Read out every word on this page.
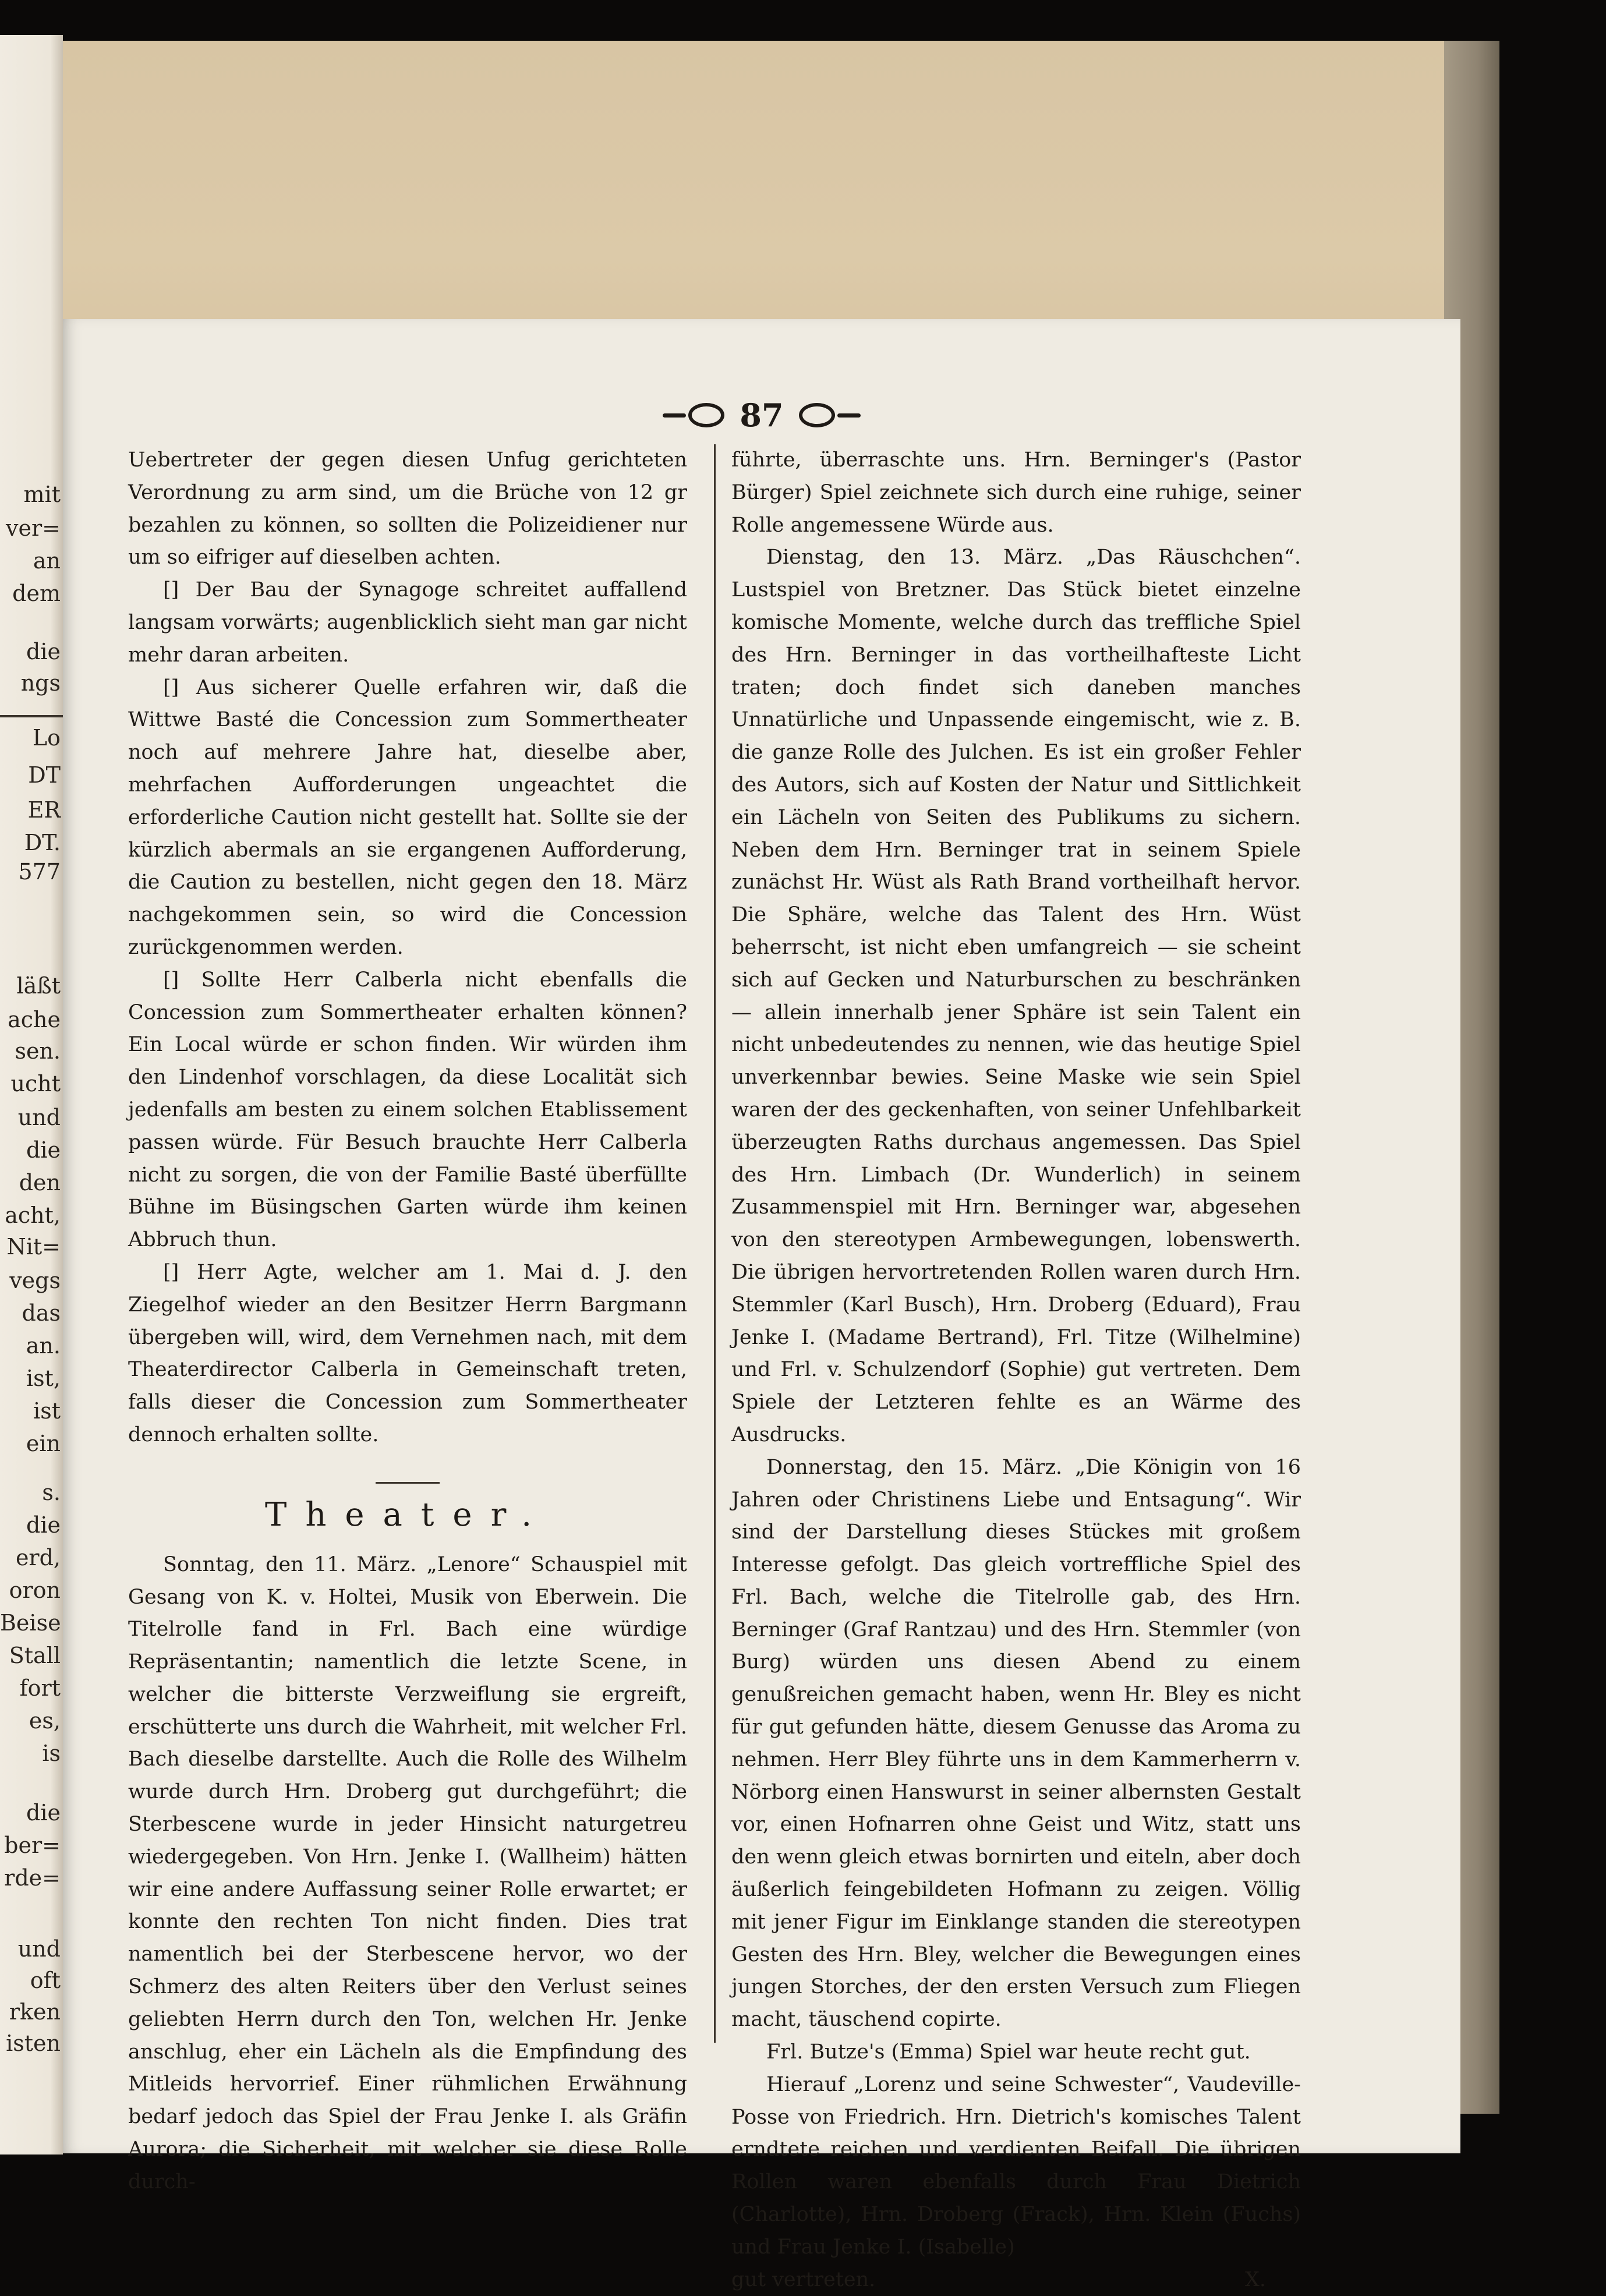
mit
ver=
an
dem
die
ngs
Lo
DT
ER
DT.
577
läßt
ache
sen.
ucht
und
die
den
acht,
Nit=
vegs
das
an.
ist,
ist
ein
s.
die
erd,
oron
Beise
Stall
fort
es,
is
die
ber=
rde=
und
oft
rken
isten
87

Uebertreter der gegen diesen Unfug gerichteten Verordnung zu arm sind, um die Brüche von 12 gr bezahlen zu können, so sollten die Polizeidiener nur um so eifriger auf dieselben achten.

[] Der Bau der Synagoge schreitet auffallend langsam vorwärts; augenblicklich sieht man gar nicht mehr daran arbeiten.

[] Aus sicherer Quelle erfahren wir, daß die Wittwe Basté die Concession zum Sommertheater noch auf mehrere Jahre hat, dieselbe aber, mehrfachen Aufforderungen ungeachtet die erforderliche Caution nicht gestellt hat. Sollte sie der kürzlich abermals an sie ergangenen Aufforderung, die Caution zu bestellen, nicht gegen den 18. März nachgekommen sein, so wird die Concession zurückgenommen werden.

[] Sollte Herr Calberla nicht ebenfalls die Concession zum Sommertheater erhalten können? Ein Local würde er schon finden. Wir würden ihm den Lindenhof vorschlagen, da diese Localität sich jedenfalls am besten zu einem solchen Etablissement passen würde. Für Besuch brauchte Herr Calberla nicht zu sorgen, die von der Familie Basté überfüllte Bühne im Büsingschen Garten würde ihm keinen Abbruch thun.

[] Herr Agte, welcher am 1. Mai d. J. den Ziegelhof wieder an den Besitzer Herrn Bargmann übergeben will, wird, dem Vernehmen nach, mit dem Theaterdirector Calberla in Gemeinschaft treten, falls dieser die Concession zum Sommertheater dennoch erhalten sollte.

Theater.

Sonntag, den 11. März. „Lenore“ Schauspiel mit Gesang von K. v. Holtei, Musik von Eberwein. Die Titelrolle fand in Frl. Bach eine würdige Repräsentantin; namentlich die letzte Scene, in welcher die bitterste Verzweiflung sie ergreift, erschütterte uns durch die Wahrheit, mit welcher Frl. Bach dieselbe darstellte. Auch die Rolle des Wilhelm wurde durch Hrn. Droberg gut durchgeführt; die Sterbescene wurde in jeder Hinsicht naturgetreu wiedergegeben. Von Hrn. Jenke I. (Wallheim) hätten wir eine andere Auffassung seiner Rolle erwartet; er konnte den rechten Ton nicht finden. Dies trat namentlich bei der Sterbescene hervor, wo der Schmerz des alten Reiters über den Verlust seines geliebten Herrn durch den Ton, welchen Hr. Jenke anschlug, eher ein Lächeln als die Empfindung des Mitleids hervorrief. Einer rühmlichen Erwähnung bedarf jedoch das Spiel der Frau Jenke I. als Gräfin Aurora; die Sicherheit, mit welcher sie diese Rolle durch-

führte, überraschte uns. Hrn. Berninger's (Pastor Bürger) Spiel zeichnete sich durch eine ruhige, seiner Rolle angemessene Würde aus.

Dienstag, den 13. März. „Das Räuschchen“. Lustspiel von Bretzner. Das Stück bietet einzelne komische Momente, welche durch das treffliche Spiel des Hrn. Berninger in das vortheilhafteste Licht traten; doch findet sich daneben manches Unnatürliche und Unpassende eingemischt, wie z. B. die ganze Rolle des Julchen. Es ist ein großer Fehler des Autors, sich auf Kosten der Natur und Sittlichkeit ein Lächeln von Seiten des Publikums zu sichern. Neben dem Hrn. Berninger trat in seinem Spiele zunächst Hr. Wüst als Rath Brand vortheilhaft hervor. Die Sphäre, welche das Talent des Hrn. Wüst beherrscht, ist nicht eben umfangreich — sie scheint sich auf Gecken und Naturburschen zu beschränken — allein innerhalb jener Sphäre ist sein Talent ein nicht unbedeutendes zu nennen, wie das heutige Spiel unverkennbar bewies. Seine Maske wie sein Spiel waren der des geckenhaften, von seiner Unfehlbarkeit überzeugten Raths durchaus angemessen. Das Spiel des Hrn. Limbach (Dr. Wunderlich) in seinem Zusammenspiel mit Hrn. Berninger war, abgesehen von den stereotypen Armbewegungen, lobenswerth. Die übrigen hervortretenden Rollen waren durch Hrn. Stemmler (Karl Busch), Hrn. Droberg (Eduard), Frau Jenke I. (Madame Bertrand), Frl. Titze (Wilhelmine) und Frl. v. Schulzendorf (Sophie) gut vertreten. Dem Spiele der Letzteren fehlte es an Wärme des Ausdrucks.

Donnerstag, den 15. März. „Die Königin von 16 Jahren oder Christinens Liebe und Entsagung“. Wir sind der Darstellung dieses Stückes mit großem Interesse gefolgt. Das gleich vortreffliche Spiel des Frl. Bach, welche die Titelrolle gab, des Hrn. Berninger (Graf Rantzau) und des Hrn. Stemmler (von Burg) würden uns diesen Abend zu einem genußreichen gemacht haben, wenn Hr. Bley es nicht für gut gefunden hätte, diesem Genusse das Aroma zu nehmen. Herr Bley führte uns in dem Kammerherrn v. Nörborg einen Hanswurst in seiner albernsten Gestalt vor, einen Hofnarren ohne Geist und Witz, statt uns den wenn gleich etwas bornirten und eiteln, aber doch äußerlich feingebildeten Hofmann zu zeigen. Völlig mit jener Figur im Einklange standen die stereotypen Gesten des Hrn. Bley, welcher die Bewegungen eines jungen Storches, der den ersten Versuch zum Fliegen macht, täuschend copirte.

Frl. Butze's (Emma) Spiel war heute recht gut.

Hierauf „Lorenz und seine Schwester“, Vaudeville-Posse von Friedrich. Hrn. Dietrich's komisches Talent erndtete reichen und verdienten Beifall. Die übrigen Rollen waren ebenfalls durch Frau Dietrich (Charlotte), Hrn. Droberg (Frack), Hrn. Klein (Fuchs) und Frau Jenke I. (Isabelle)

gut vertreten.	X.
